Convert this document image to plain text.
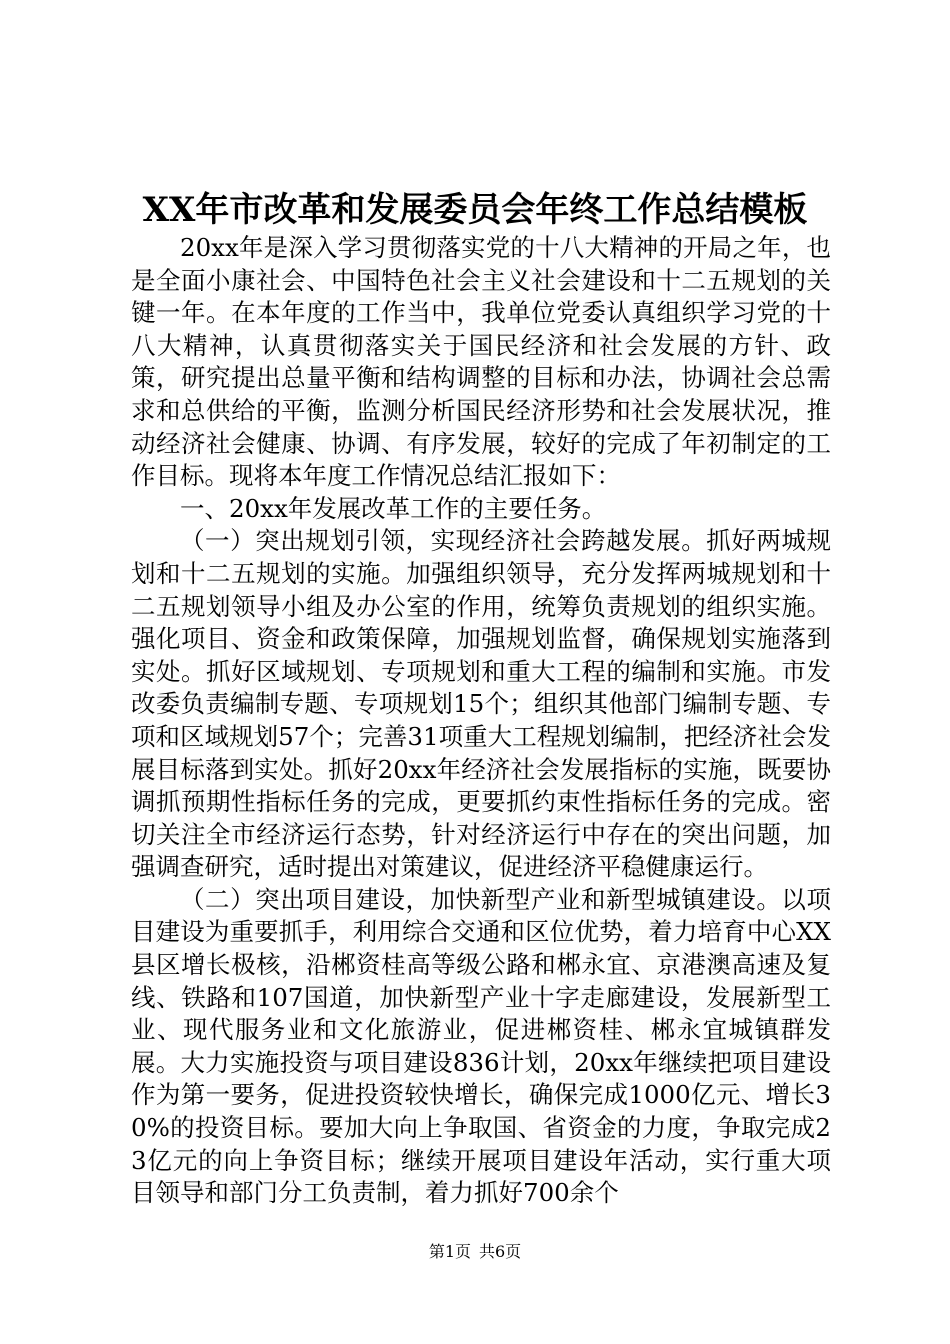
XX年市改革和发展委员会年终工作总结模板

20xx年是深入学习贯彻落实党的十八大精神的开局之年，也是全面小康社会、中国特色社会主义社会建设和十二五规划的关键一年。在本年度的工作当中，我单位党委认真组织学习党的十八大精神，认真贯彻落实关于国民经济和社会发展的方针、政策，研究提出总量平衡和结构调整的目标和办法，协调社会总需求和总供给的平衡，监测分析国民经济形势和社会发展状况，推动经济社会健康、协调、有序发展，较好的完成了年初制定的工作目标。现将本年度工作情况总结汇报如下：

一、20xx年发展改革工作的主要任务。

（一）突出规划引领，实现经济社会跨越发展。抓好两城规划和十二五规划的实施。加强组织领导，充分发挥两城规划和十二五规划领导小组及办公室的作用，统筹负责规划的组织实施。强化项目、资金和政策保障，加强规划监督，确保规划实施落到实处。抓好区域规划、专项规划和重大工程的编制和实施。市发改委负责编制专题、专项规划15个；组织其他部门编制专题、专项和区域规划57个；完善31项重大工程规划编制，把经济社会发展目标落到实处。抓好20xx年经济社会发展指标的实施，既要协调抓预期性指标任务的完成，更要抓约束性指标任务的完成。密切关注全市经济运行态势，针对经济运行中存在的突出问题，加强调查研究，适时提出对策建议，促进经济平稳健康运行。

（二）突出项目建设，加快新型产业和新型城镇建设。以项目建设为重要抓手，利用综合交通和区位优势，着力培育中心XX县区增长极核，沿郴资桂高等级公路和郴永宜、京港澳高速及复线、铁路和107国道，加快新型产业十字走廊建设，发展新型工业、现代服务业和文化旅游业，促进郴资桂、郴永宜城镇群发展。大力实施投资与项目建设836计划，20xx年继续把项目建设作为第一要务，促进投资较快增长，确保完成1000亿元、增长30%的投资目标。要加大向上争取国、省资金的力度，争取完成23亿元的向上争资目标；继续开展项目建设年活动，实行重大项目领导和部门分工负责制，着力抓好700余个

第1页 共6页
